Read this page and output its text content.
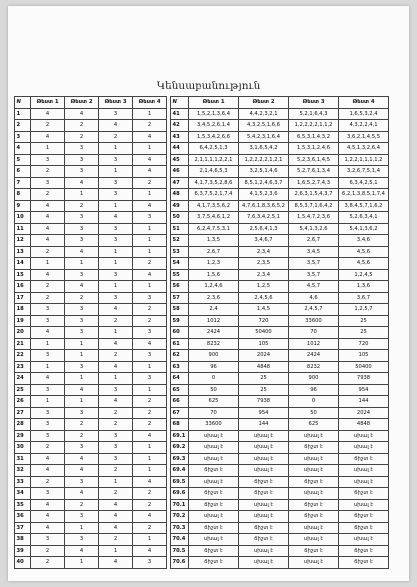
Կենսաբանություն
N	Թեստ 1	Թեստ 2	Թեստ 3	Թեստ 4
1	4	4	3	1
2	2	2	4	2
3	4	2	2	4
4	1	3	1	1
5	3	3	3	4
6	2	3	1	4
7	3	4	3	2
8	2	1	3	1
9	4	2	1	4
10	4	3	4	3
11	4	3	3	1
12	4	3	3	1
13	2	4	1	1
14	1	1	1	2
15	4	3	3	4
16	2	4	1	1
17	2	2	3	3
18	3	3	4	2
19	3	3	2	2
20	4	3	1	3
21	1	1	4	4
22	3	1	2	3
23	1	3	4	1
24	4	1	1	3
25	3	4	3	1
26	1	1	4	2
27	3	3	2	2
28	3	2	2	2
29	3	2	3	4
30	2	3	3	1
31	4	4	3	1
32	4	4	2	1
33	2	3	1	4
34	3	4	2	2
35	4	2	4	2
36	4	3	4	4
37	4	1	4	2
38	3	3	2	1
39	2	4	1	4
40	2	1	4	3
N	Թեստ 1	Թեստ 2	Թեստ 3	Թեստ 4
41	1,5,2,1,3,6,4	4,4,2,3,2,1	5,2,1,6,4,3	1,6,5,3,2,4
42	3,4,5,2,6,1,4	4,3,2,5,1,6,6	1,2,2,2,2,1,1,2	4,3,2,2,4,1
43	1,5,3,4,2,6,6	5,4,2,3,1,6,4	6,5,3,1,4,3,2	3,6,2,1,4,5,5
44	6,4,2,5,1,3	3,1,6,5,4,2	1,5,3,1,2,4,6	4,5,1,3,2,6,4
45	2,1,1,1,1,2,2,1	1,2,2,2,2,1,2,1	5,2,3,6,1,4,5	1,2,2,1,1,1,1,2
46	2,1,4,6,5,3	3,2,5,1,4,6	5,2,7,6,1,3,4	3,2,6,7,5,1,4
47	4,1,7,3,5,2,8,6	8,5,1,2,4,6,3,7	1,6,5,2,7,4,3	6,3,4,2,5,1
48	6,3,7,5,2,1,7,4	4,1,5,2,3,6	2,6,3,1,5,4,3,7	6,2,1,3,8,5,1,7,4
49	4,1,7,3,5,6,2	4,7,6,1,8,3,6,5,2	8,5,3,7,1,6,4,2	3,8,4,5,7,1,6,2
50	3,7,5,4,6,1,2	7,6,3,4,2,5,1	1,5,4,7,2,3,6	5,2,6,3,4,1
51	6,2,4,7,5,3,1	2,5,6,4,1,3	5,4,1,3,2,6	5,4,1,3,6,2
52	1,3,5	3,4,6,7	2,6,7	3,4,6
53	2,6,7	2,3,4	3,4,5	4,5,6
54	1,2,3	2,3,5	3,5,7	4,5,6
55	1,5,6	2,3,4	3,5,7	1,2,4,5
56	1,2,4,6	1,2,5	4,5,7	1,3,6
57	2,3,6	2,4,5,6	4,6	3,6,7
58	2,4	1,4,5	2,4,5,7	1,2,5,7
59	1012	720	33600	25
60	2424	50400	70	25
61	8232	105	1012	720
62	900	2024	2424	105
63	96	4848	8232	50400
64	0	25	900	7938
65	50	25	96	954
66	625	7938	0	144
67	70	954	50	2024
68	33600	144	625	4848
69.1	սխալ է	սխալ է	սխալ է	սխալ է
69.2	սխալ է	սխալ է	ճիշտ է	սխալ է
69.3	սխալ է	սխալ է	սխալ է	ճիշտ է
69.4	ճիշտ է	սխալ է	սխալ է	սխալ է
69.5	սխալ է	ճիշտ է	ճիշտ է	սխալ է
69.6	ճիշտ է	ճիշտ է	սխալ է	ճիշտ է
70.1	ճիշտ է	սխալ է	ճիշտ է	սխալ է
70.2	սխալ է	սխալ է	ճիշտ է	ճիշտ է
70.3	ճիշտ է	ճիշտ է	սխալ է	ճիշտ է
70.4	սխալ է	ճիշտ է	սխալ է	սխալ է
70.5	ճիշտ է	սխալ է	ճիշտ է	ճիշտ է
70.6	ճիշտ է	սխալ է	սխալ է	ճիշտ է
